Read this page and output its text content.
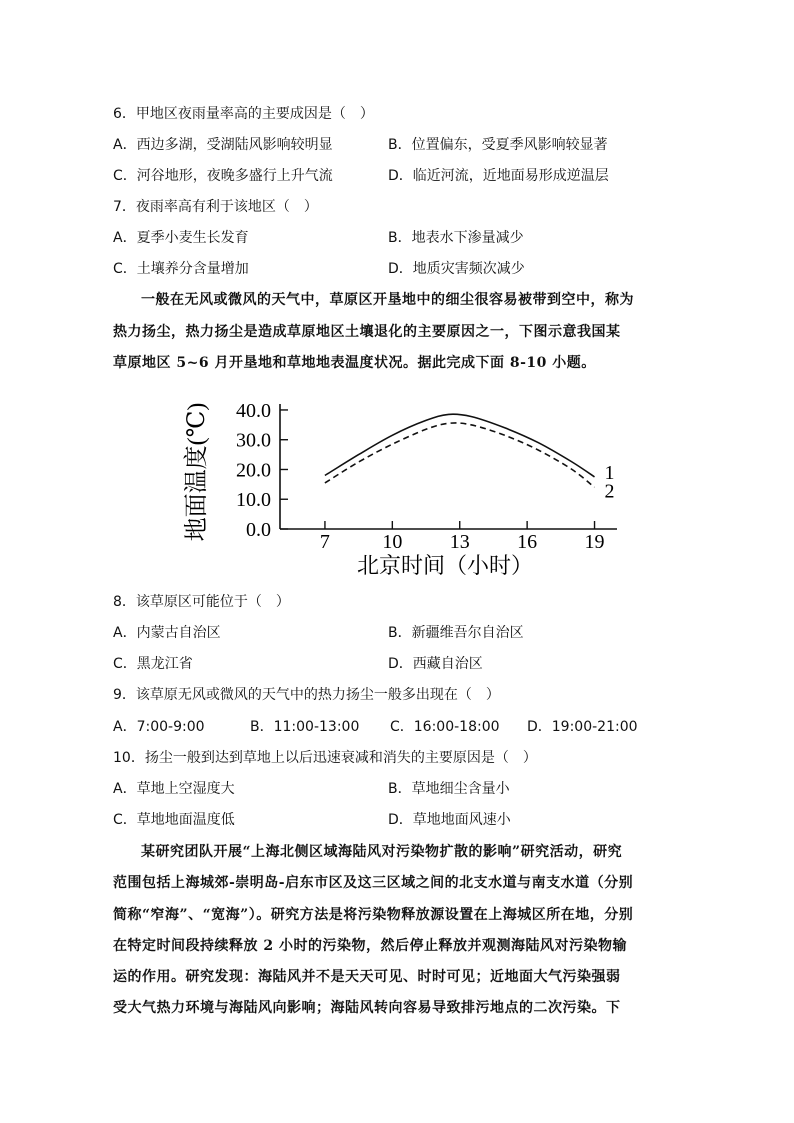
6．甲地区夜雨量率高的主要成因是（　）
A．西边多湖，受湖陆风影响较明显	B．位置偏东，受夏季风影响较显著
C．河谷地形，夜晚多盛行上升气流	D．临近河流，近地面易形成逆温层
7．夜雨率高有利于该地区（　）
A．夏季小麦生长发育	B．地表水下渗量减少
C．土壤养分含量增加	D．地质灾害频次减少
一般在无风或微风的天气中，草原区开垦地中的细尘很容易被带到空中，称为
热力扬尘，热力扬尘是造成草原地区土壤退化的主要原因之一，下图示意我国某
草原地区 5~6 月开垦地和草地地表温度状况。据此完成下面 8-10 小题。
0.0
10.0
20.0
30.0
40.0
7	10 13 16 19
1
2
地面温度(℃)
北京时间（小时）
8．该草原区可能位于（　）
A．内蒙古自治区	B．新疆维吾尔自治区
C．黑龙江省	D．西藏自治区
9．该草原无风或微风的天气中的热力扬尘一般多出现在（　）
A．7:00-9:00	B．11:00-13:00 C．16:00-18:00 D．19:00-21:00
10．扬尘一般到达到草地上以后迅速衰减和消失的主要原因是（　）
A．草地上空湿度大	B．草地细尘含量小
C．草地地面温度低	D．草地地面风速小
某研究团队开展“上海北侧区域海陆风对污染物扩散的影响”研究活动，研究
范围包括上海城郊-崇明岛-启东市区及这三区域之间的北支水道与南支水道（分别
简称“窄海”、“宽海”）。研究方法是将污染物释放源设置在上海城区所在地，分别
在特定时间段持续释放 2 小时的污染物，然后停止释放并观测海陆风对污染物输
运的作用。研究发现：海陆风并不是天天可见、时时可见；近地面大气污染强弱
受大气热力环境与海陆风向影响；海陆风转向容易导致排污地点的二次污染。下
